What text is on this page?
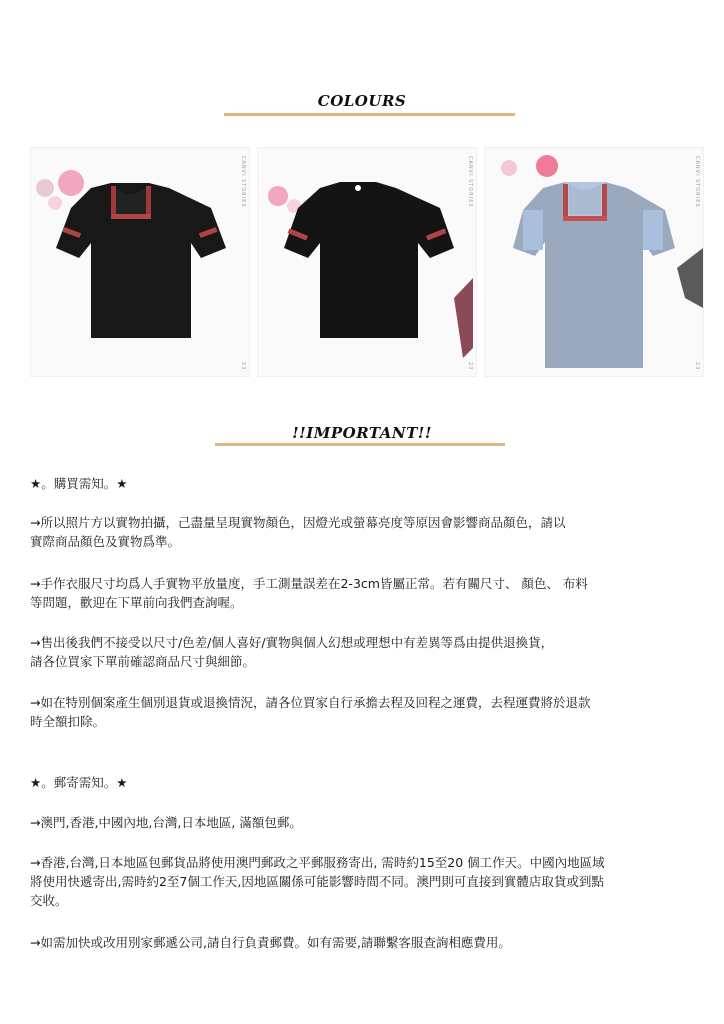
COLOURS
CANVI STORIES
23
CANVI STORIES
23
CANVI STORIES
23
!!IMPORTANT!!

★。購買需知。★

→所以照片方以實物拍攝，己盡量呈現實物顏色，因燈光或螢幕亮度等原因會影響商品顏色，請以
實際商品顏色及實物爲準。

→手作衣服尺寸均爲人手實物平放量度，手工測量誤差在2-3cm皆屬正常。若有關尺寸、 顏色、 布料
等問題，歡迎在下單前向我們查詢喔。

→售出後我們不接受以尺寸/色差/個人喜好/實物與個人幻想或理想中有差異等爲由提供退換貨，
請各位買家下單前確認商品尺寸與細節。

→如在特別個案產生個別退貨或退換情況，請各位買家自行承擔去程及回程之運費，去程運費將於退款
時全額扣除。

★。郵寄需知。★

→澳門,香港,中國內地,台灣,日本地區, 滿額包郵。

→香港,台灣,日本地區包郵貨品將使用澳門郵政之平郵服務寄出, 需時約15至20 個工作天。中國內地區域
將使用快遞寄出,需時約2至7個工作天,因地區關係可能影響時間不同。澳門則可直接到實體店取貨或到點
交收。

→如需加快或改用別家郵遞公司,請自行負責郵費。如有需要,請聯繫客服查詢相應費用。
